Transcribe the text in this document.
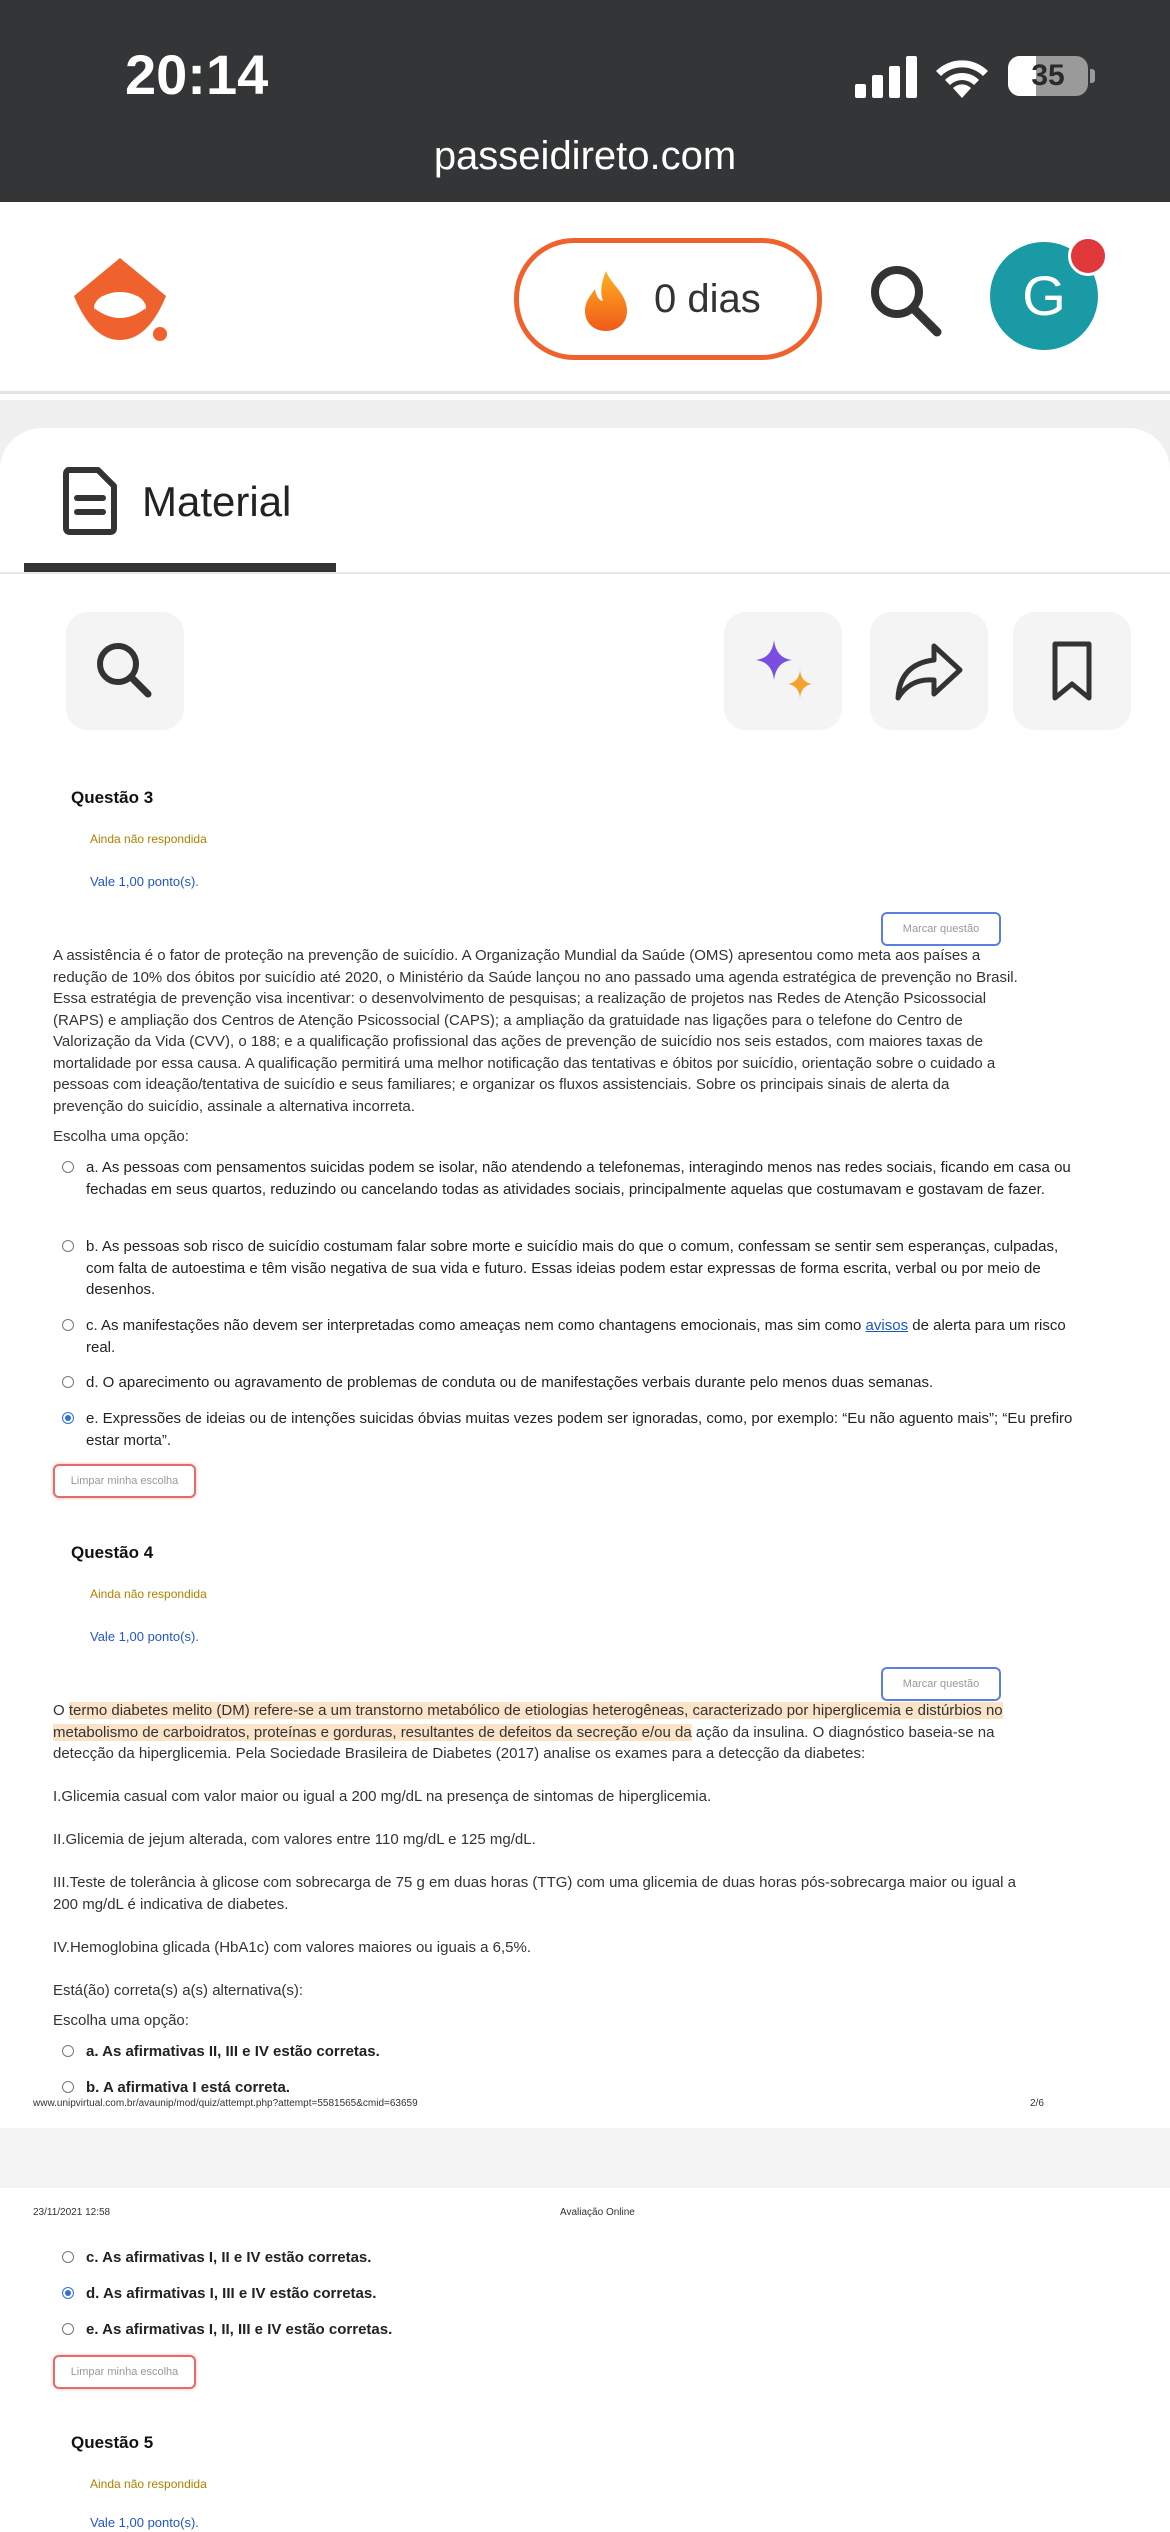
20:14	35
passeidireto.com
0 dias	G
Material
Questão 3
Ainda não respondida
Vale 1,00 ponto(s).
Marcar questão
A assistência é o fator de proteção na prevenção de suicídio. A Organização Mundial da Saúde (OMS) apresentou como meta aos países a redução de 10% dos óbitos por suicídio até 2020, o Ministério da Saúde lançou no ano passado uma agenda estratégica de prevenção no Brasil. Essa estratégia de prevenção visa incentivar: o desenvolvimento de pesquisas; a realização de projetos nas Redes de Atenção Psicossocial (RAPS) e ampliação dos Centros de Atenção Psicossocial (CAPS); a ampliação da gratuidade nas ligações para o telefone do Centro de Valorização da Vida (CVV), o 188; e a qualificação profissional das ações de prevenção de suicídio nos seis estados, com maiores taxas de mortalidade por essa causa. A qualificação permitirá uma melhor notificação das tentativas e óbitos por suicídio, orientação sobre o cuidado a pessoas com ideação/tentativa de suicídio e seus familiares; e organizar os fluxos assistenciais. Sobre os principais sinais de alerta da prevenção do suicídio, assinale a alternativa incorreta.
Escolha uma opção:
a. As pessoas com pensamentos suicidas podem se isolar, não atendendo a telefonemas, interagindo menos nas redes sociais, ficando em casa ou fechadas em seus quartos, reduzindo ou cancelando todas as atividades sociais, principalmente aquelas que costumavam e gostavam de fazer.
b. As pessoas sob risco de suicídio costumam falar sobre morte e suicídio mais do que o comum, confessam se sentir sem esperanças, culpadas, com falta de autoestima e têm visão negativa de sua vida e futuro. Essas ideias podem estar expressas de forma escrita, verbal ou por meio de desenhos.
c. As manifestações não devem ser interpretadas como ameaças nem como chantagens emocionais, mas sim como avisos de alerta para um risco real.
d. O aparecimento ou agravamento de problemas de conduta ou de manifestações verbais durante pelo menos duas semanas.
e. Expressões de ideias ou de intenções suicidas óbvias muitas vezes podem ser ignoradas, como, por exemplo: “Eu não aguento mais”; “Eu prefiro estar morta”.
Limpar minha escolha
Questão 4
Ainda não respondida
Vale 1,00 ponto(s).
Marcar questão
O termo diabetes melito (DM) refere-se a um transtorno metabólico de etiologias heterogêneas, caracterizado por hiperglicemia e distúrbios no metabolismo de carboidratos, proteínas e gorduras, resultantes de defeitos da secreção e/ou da ação da insulina. O diagnóstico baseia-se na detecção da hiperglicemia. Pela Sociedade Brasileira de Diabetes (2017) analise os exames para a detecção da diabetes:
I.Glicemia casual com valor maior ou igual a 200 mg/dL na presença de sintomas de hiperglicemia.
II.Glicemia de jejum alterada, com valores entre 110 mg/dL e 125 mg/dL.
III.Teste de tolerância à glicose com sobrecarga de 75 g em duas horas (TTG) com uma glicemia de duas horas pós-sobrecarga maior ou igual a 200 mg/dL é indicativa de diabetes.
IV.Hemoglobina glicada (HbA1c) com valores maiores ou iguais a 6,5%.
Está(ão) correta(s) a(s) alternativa(s):
Escolha uma opção:
a. As afirmativas II, III e IV estão corretas.
b. A afirmativa I está correta.
www.unipvirtual.com.br/avaunip/mod/quiz/attempt.php?attempt=5581565&cmid=63659	2/6
23/11/2021 12:58	Avaliação Online
c. As afirmativas I, II e IV estão corretas.
d. As afirmativas I, III e IV estão corretas.
e. As afirmativas I, II, III e IV estão corretas.
Limpar minha escolha
Questão 5
Ainda não respondida
Vale 1,00 ponto(s).
